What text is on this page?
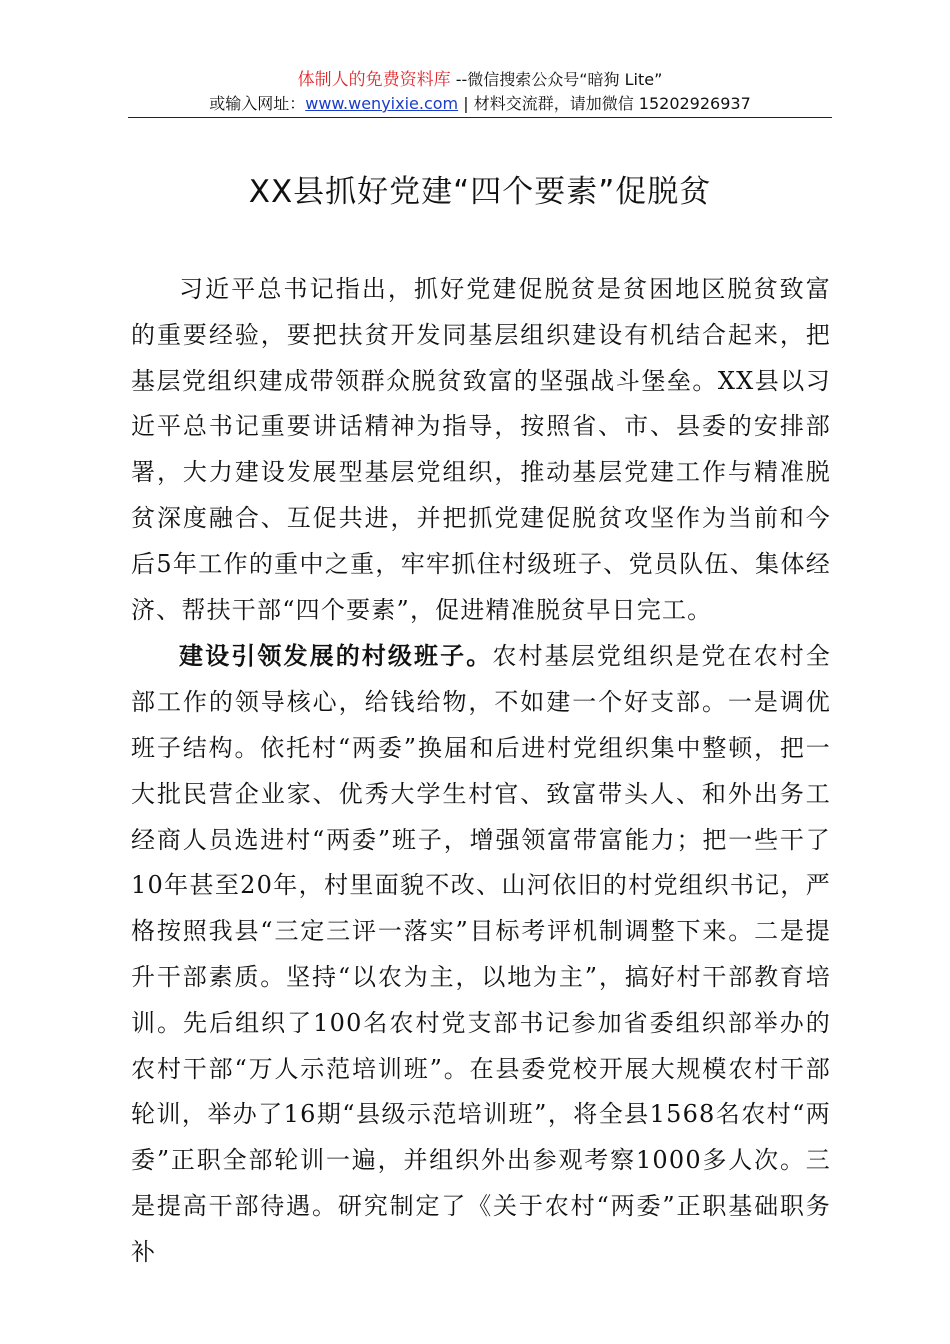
体制人的免费资料库 --微信搜索公众号“暗狗 Lite”
或输入网址：www.wenyixie.com | 材料交流群，请加微信 15202926937
XX县抓好党建“四个要素”促脱贫

习近平总书记指出，抓好党建促脱贫是贫困地区脱贫致富的重要经验，要把扶贫开发同基层组织建设有机结合起来，把基层党组织建成带领群众脱贫致富的坚强战斗堡垒。XX县以习近平总书记重要讲话精神为指导，按照省、市、县委的安排部署，大力建设发展型基层党组织，推动基层党建工作与精准脱贫深度融合、互促共进，并把抓党建促脱贫攻坚作为当前和今后5年工作的重中之重，牢牢抓住村级班子、党员队伍、集体经济、帮扶干部“四个要素”，促进精准脱贫早日完工。

建设引领发展的村级班子。农村基层党组织是党在农村全部工作的领导核心，给钱给物，不如建一个好支部。一是调优班子结构。依托村“两委”换届和后进村党组织集中整顿，把一大批民营企业家、优秀大学生村官、致富带头人、和外出务工经商人员选进村“两委”班子，增强领富带富能力；把一些干了10年甚至20年，村里面貌不改、山河依旧的村党组织书记，严格按照我县“三定三评一落实”目标考评机制调整下来。二是提升干部素质。坚持“以农为主，以地为主”，搞好村干部教育培训。先后组织了100名农村党支部书记参加省委组织部举办的农村干部“万人示范培训班”。在县委党校开展大规模农村干部轮训，举办了16期“县级示范培训班”，将全县1568名农村“两委”正职全部轮训一遍，并组织外出参观考察1000多人次。三是提高干部待遇。研究制定了《关于农村“两委”正职基础职务补
